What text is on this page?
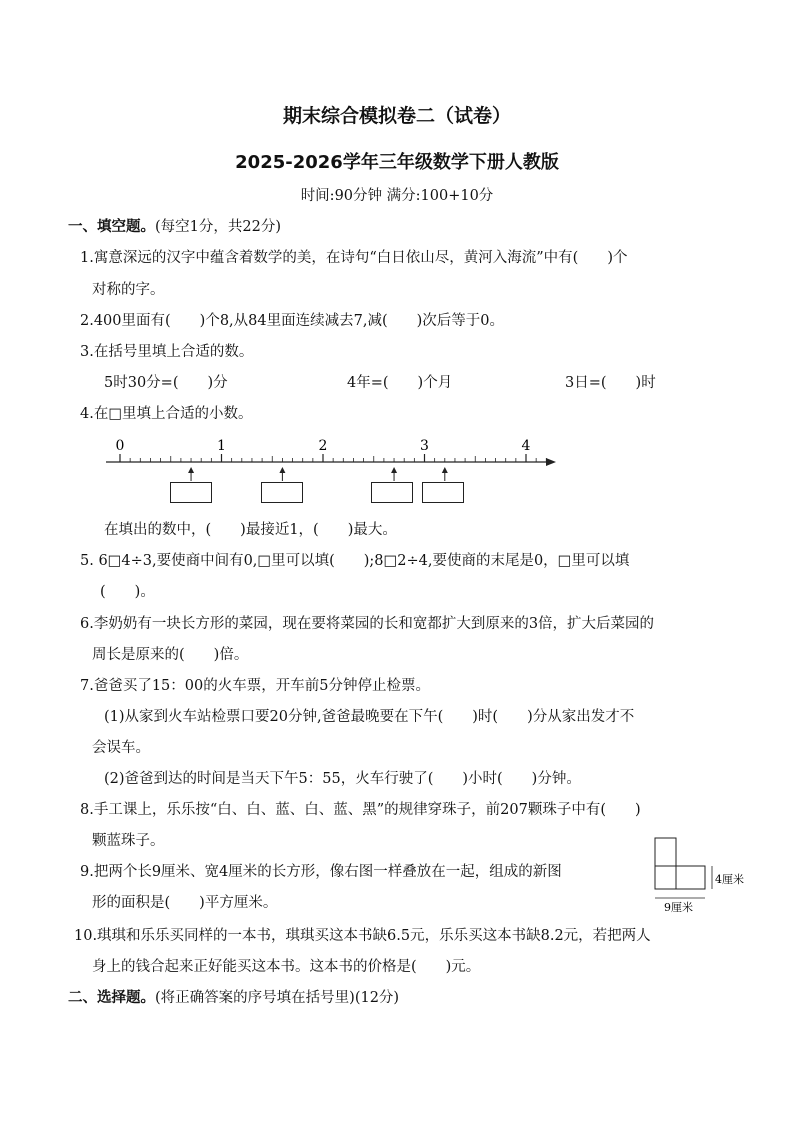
期末综合模拟卷二（试卷）
2025-2026学年三年级数学下册人教版
时间:90分钟 满分:100+10分
一、填空题。(每空1分，共22分)
1.寓意深远的汉字中蕴含着数学的美，在诗句“白日依山尽，黄河入海流”中有(　　)个
对称的字。
2.400里面有(　　)个8,从84里面连续减去7,减(　　)次后等于0。
3.在括号里填上合适的数。
5时30分=(　　)分	4年=(　　)个月	3日=(　　)时
4.在□里填上合适的小数。
0	1	2	3	4
在填出的数中，(　　)最接近1，(　　)最大。
5. 6□4÷3,要使商中间有0,□里可以填(　　);8□2÷4,要使商的末尾是0，□里可以填
(　　)。
6.李奶奶有一块长方形的菜园，现在要将菜园的长和宽都扩大到原来的3倍，扩大后菜园的
周长是原来的(　　)倍。
7.爸爸买了15：00的火车票，开车前5分钟停止检票。
(1)从家到火车站检票口要20分钟,爸爸最晚要在下午(　　)时(　　)分从家出发才不
会误车。
(2)爸爸到达的时间是当天下午5：55，火车行驶了(　　)小时(　　)分钟。
8.手工课上，乐乐按“白、白、蓝、白、蓝、黑”的规律穿珠子，前207颗珠子中有(　　)
颗蓝珠子。
9.把两个长9厘米、宽4厘米的长方形，像右图一样叠放在一起，组成的新图
形的面积是(　　)平方厘米。
4厘米
9厘米
10.琪琪和乐乐买同样的一本书，琪琪买这本书缺6.5元，乐乐买这本书缺8.2元，若把两人
身上的钱合起来正好能买这本书。这本书的价格是(　　)元。
二、选择题。(将正确答案的序号填在括号里)(12分)
